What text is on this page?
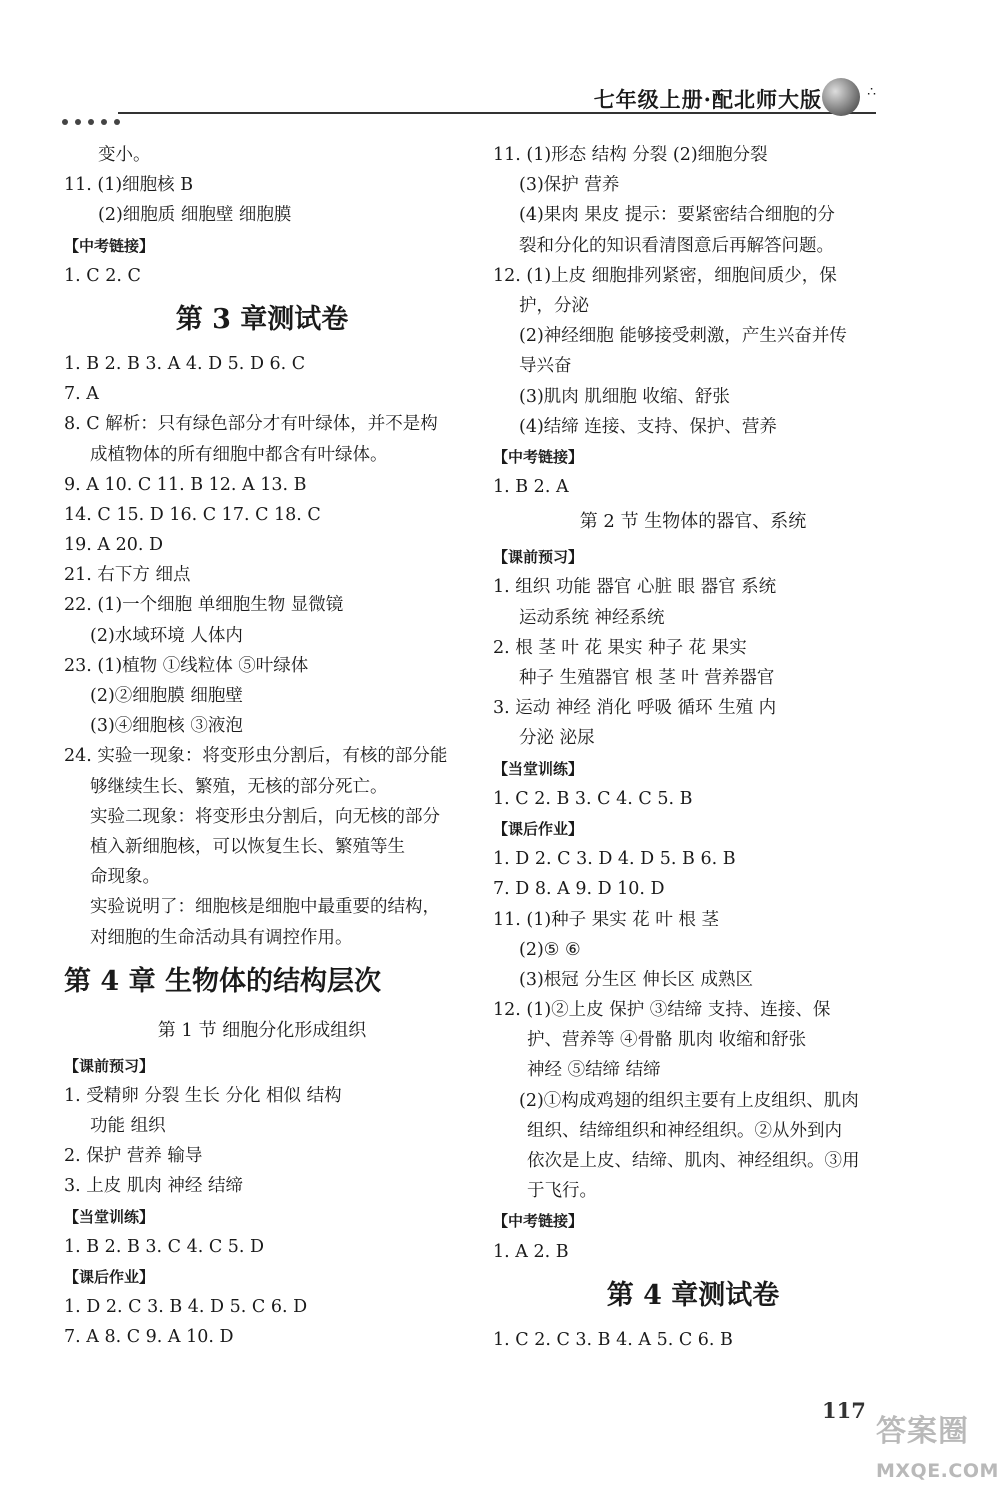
七年级上册·配北师大版	∴
变小。
11. (1)细胞核 B
(2)细胞质 细胞壁 细胞膜
【中考链接】
1. C 2. C
第 3 章测试卷
1. B 2. B 3. A 4. D 5. D 6. C
7. A
8. C 解析：只有绿色部分才有叶绿体，并不是构
成植物体的所有细胞中都含有叶绿体。
9. A 10. C 11. B 12. A 13. B
14. C 15. D 16. C 17. C 18. C
19. A 20. D
21. 右下方 细点
22. (1)一个细胞 单细胞生物 显微镜
(2)水域环境 人体内
23. (1)植物 ①线粒体 ⑤叶绿体
(2)②细胞膜 细胞壁
(3)④细胞核 ③液泡
24. 实验一现象：将变形虫分割后，有核的部分能
够继续生长、繁殖，无核的部分死亡。
实验二现象：将变形虫分割后，向无核的部分
植入新细胞核，可以恢复生长、繁殖等生
命现象。
实验说明了：细胞核是细胞中最重要的结构，
对细胞的生命活动具有调控作用。
第 4 章 生物体的结构层次
第 1 节 细胞分化形成组织
【课前预习】
1. 受精卵 分裂 生长 分化 相似 结构
功能 组织
2. 保护 营养 输导
3. 上皮 肌肉 神经 结缔
【当堂训练】
1. B 2. B 3. C 4. C 5. D
【课后作业】
1. D 2. C 3. B 4. D 5. C 6. D
7. A 8. C 9. A 10. D
11. (1)形态 结构 分裂 (2)细胞分裂
(3)保护 营养
(4)果肉 果皮 提示：要紧密结合细胞的分
裂和分化的知识看清图意后再解答问题。
12. (1)上皮 细胞排列紧密，细胞间质少，保
护，分泌
(2)神经细胞 能够接受刺激，产生兴奋并传
导兴奋
(3)肌肉 肌细胞 收缩、舒张
(4)结缔 连接、支持、保护、营养
【中考链接】
1. B 2. A
第 2 节 生物体的器官、系统
【课前预习】
1. 组织 功能 器官 心脏 眼 器官 系统
运动系统 神经系统
2. 根 茎 叶 花 果实 种子 花 果实
种子 生殖器官 根 茎 叶 营养器官
3. 运动 神经 消化 呼吸 循环 生殖 内
分泌 泌尿
【当堂训练】
1. C 2. B 3. C 4. C 5. B
【课后作业】
1. D 2. C 3. D 4. D 5. B 6. B
7. D 8. A 9. D 10. D
11. (1)种子 果实 花 叶 根 茎
(2)⑤ ⑥
(3)根冠 分生区 伸长区 成熟区
12. (1)②上皮 保护 ③结缔 支持、连接、保
护、营养等 ④骨骼 肌肉 收缩和舒张
神经 ⑤结缔 结缔
(2)①构成鸡翅的组织主要有上皮组织、肌肉
组织、结缔组织和神经组织。②从外到内
依次是上皮、结缔、肌肉、神经组织。③用
于飞行。
【中考链接】
1. A 2. B
第 4 章测试卷
1. C 2. C 3. B 4. A 5. C 6. B
117
答案圈
MXQE.COM
